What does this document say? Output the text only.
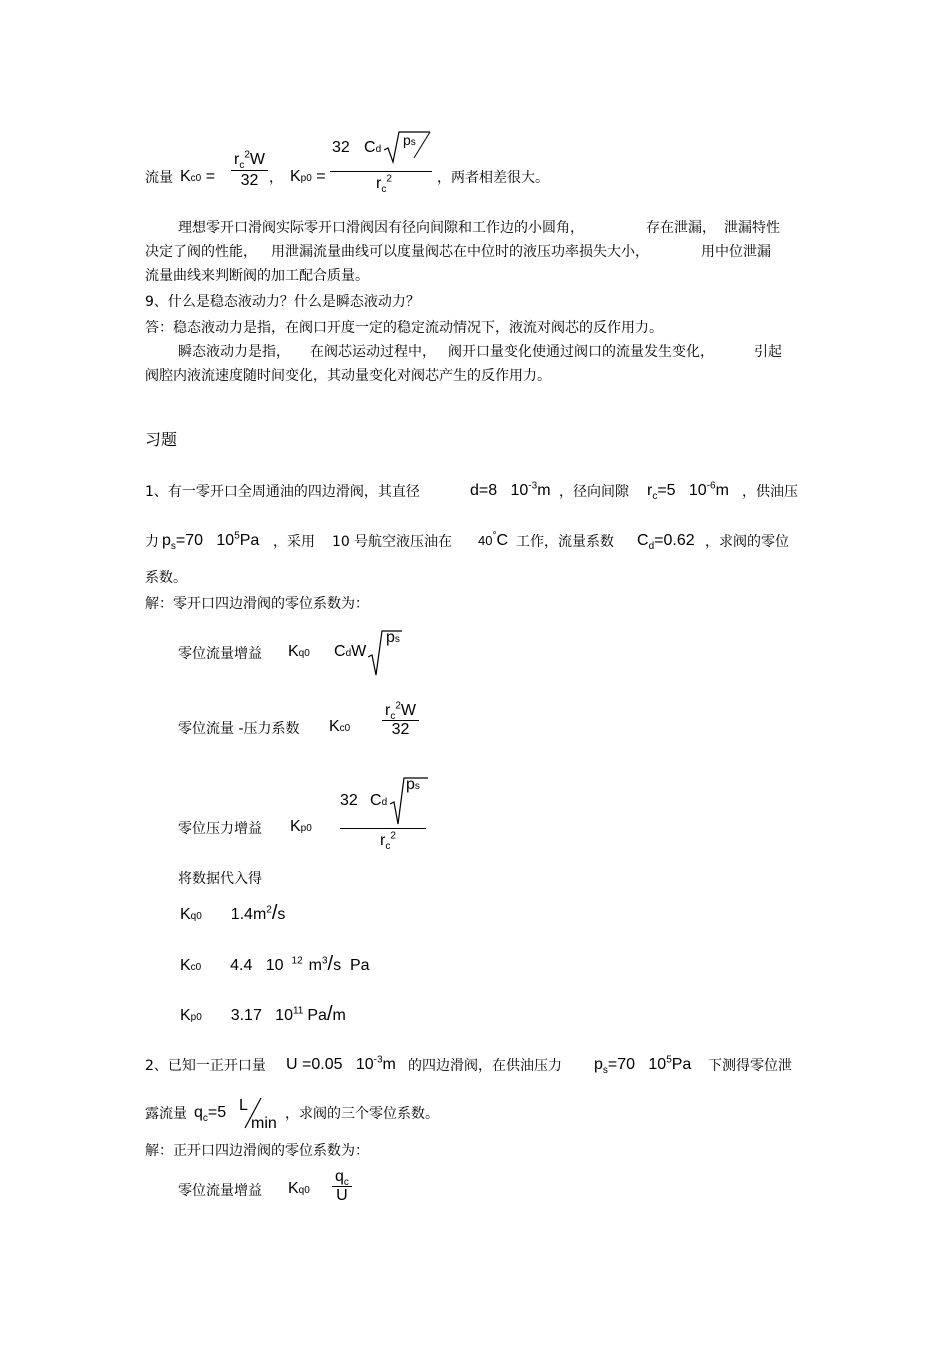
流量 $Kc0 = \frac{r_c^2W}{32}$ ， Kp0 =
32 Cd
ps
$r_c^2$	，两者相差很大。
理想零开口滑阀实际零开口滑阀因有径向间隙和工作边的小圆角，	存在泄漏， 泄漏特性
决定了阀的性能， 用泄漏流量曲线可以度量阀芯在中位时的液压功率损失大小，	用中位泄漏
流量曲线来判断阀的加工配合质量。
9、什么是稳态液动力？什么是瞬态液动力？
答：稳态液动力是指，在阀口开度一定的稳定流动情况下，液流对阀芯的反作用力。
瞬态液动力是指， 在阀芯运动过程中， 阀开口量变化使通过阀口的流量发生变化，	引起
阀腔内液流速度随时间变化，其动量变化对阀芯产生的反作用力。
习题
1、有一零开口全周通油的四边滑阀，其直径	d=8   $10^{-3}m$ ，径向间隙 $r_c=5$   $10^{-6}m$ ，供油压
力 $p_s=70$   $10^5Pa$ ，采用 10 号航空液压油在 40°C 工作，流量系数 $C_d=0.62$ ，求阀的零位
系数。
解：零开口四边滑阀的零位系数为：
零位流量增益 Kq0 CdW
ps
零位流量 -压力系数 $Kc0 \frac{r_c^2W}{32}$
零位压力增益 Kp0
32 Cd
ps
$r_c^2$
将数据代入得
Kq0 $1.4m^2/s$
Kc0 4.4   10 $^{12}$ $m^3/s$  Pa
Kp0 3.17   $10^{11}$ Pa/m
2、已知一正开口量 U =0.05   $10^{-3}m$ 的四边滑阀，在供油压力 $p_s=70$   $10^5Pa$ 下测得零位泄
露流量 $q_c=5$ L
min
，求阀的三个零位系数。
解：正开口四边滑阀的零位系数为：
零位流量增益 $Kq0 \frac{q_c}{U}$
